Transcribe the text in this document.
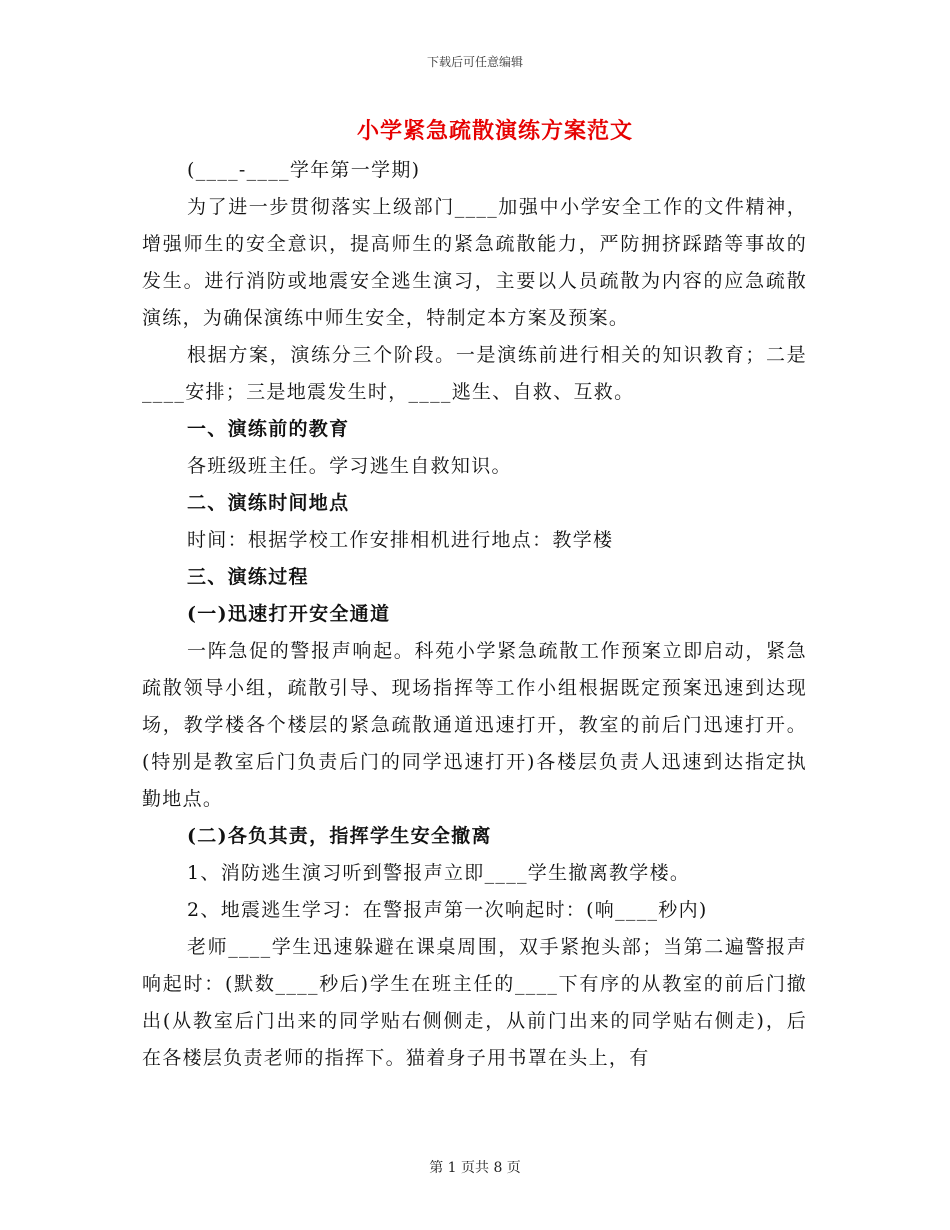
下载后可任意编辑
小学紧急疏散演练方案范文

(____-____学年第一学期)

为了进一步贯彻落实上级部门____加强中小学安全工作的文件精神，增强师生的安全意识，提高师生的紧急疏散能力，严防拥挤踩踏等事故的发生。进行消防或地震安全逃生演习，主要以人员疏散为内容的应急疏散演练，为确保演练中师生安全，特制定本方案及预案。

根据方案，演练分三个阶段。一是演练前进行相关的知识教育；二是____安排；三是地震发生时，____逃生、自救、互救。

一、演练前的教育

各班级班主任。学习逃生自救知识。

二、演练时间地点

时间：根据学校工作安排相机进行地点：教学楼

三、演练过程

(一)迅速打开安全通道

一阵急促的警报声响起。科苑小学紧急疏散工作预案立即启动，紧急疏散领导小组，疏散引导、现场指挥等工作小组根据既定预案迅速到达现场，教学楼各个楼层的紧急疏散通道迅速打开，教室的前后门迅速打开。(特别是教室后门负责后门的同学迅速打开)各楼层负责人迅速到达指定执勤地点。

(二)各负其责，指挥学生安全撤离

1、消防逃生演习听到警报声立即____学生撤离教学楼。

2、地震逃生学习：在警报声第一次响起时：(响____秒内)

老师____学生迅速躲避在课桌周围，双手紧抱头部；当第二遍警报声响起时：(默数____秒后)学生在班主任的____下有序的从教室的前后门撤出(从教室后门出来的同学贴右侧侧走，从前门出来的同学贴右侧走)，后在各楼层负责老师的指挥下。猫着身子用书罩在头上，有

第 1 页共 8 页
